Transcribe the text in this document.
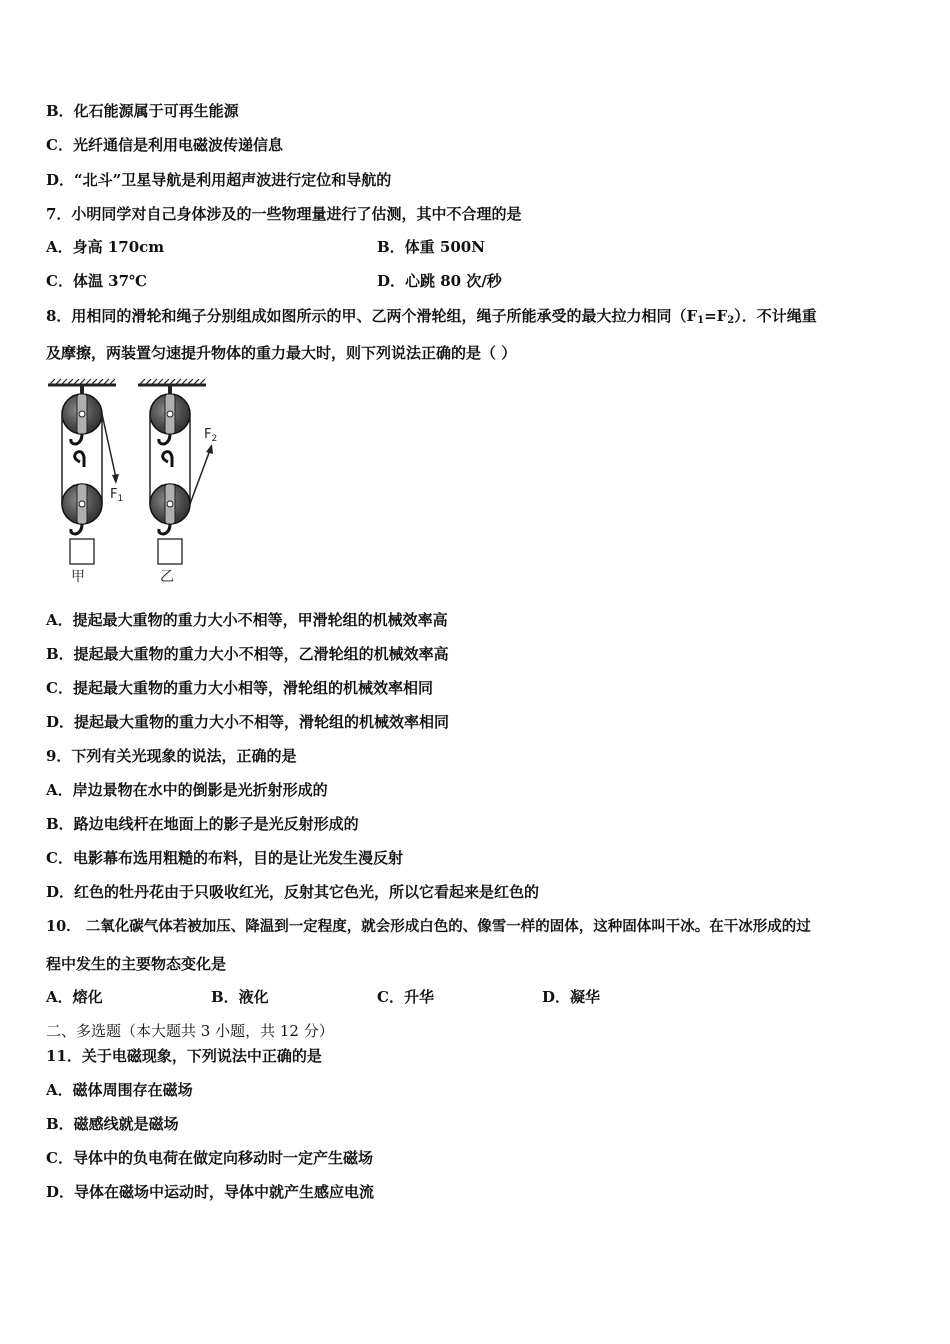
B．化石能源属于可再生能源
C．光纤通信是利用电磁波传递信息
D．“北斗”卫星导航是利用超声波进行定位和导航的
7．小明同学对自己身体涉及的一些物理量进行了估测，其中不合理的是
A．身高 170cm	B．体重 500N
C．体温 37℃	D．心跳 80 次/秒
8．用相同的滑轮和绳子分别组成如图所示的甲、乙两个滑轮组，绳子所能承受的最大拉力相同$(F_1=F_2)$．不计绳重
及摩擦，两装置匀速提升物体的重力最大时，则下列说法正确的是（ ）
$F_1$
甲
$F_2$
乙
A．提起最大重物的重力大小不相等，甲滑轮组的机械效率高
B．提起最大重物的重力大小不相等，乙滑轮组的机械效率高
C．提起最大重物的重力大小相等，滑轮组的机械效率相同
D．提起最大重物的重力大小不相等，滑轮组的机械效率相同
9．下列有关光现象的说法，正确的是
A．岸边景物在水中的倒影是光折射形成的
B．路边电线杆在地面上的影子是光反射形成的
C．电影幕布选用粗糙的布料，目的是让光发生漫反射
D．红色的牡丹花由于只吸收红光，反射其它色光，所以它看起来是红色的
10． 二氧化碳气体若被加压、降温到一定程度，就会形成白色的、像雪一样的固体，这种固体叫干冰。在干冰形成的过
程中发生的主要物态变化是
A．熔化	B．液化	C．升华	D．凝华
二、多选题（本大题共 3 小题，共 12 分）
11．关于电磁现象，下列说法中正确的是
A．磁体周围存在磁场
B．磁感线就是磁场
C．导体中的负电荷在做定向移动时一定产生磁场
D．导体在磁场中运动时，导体中就产生感应电流
